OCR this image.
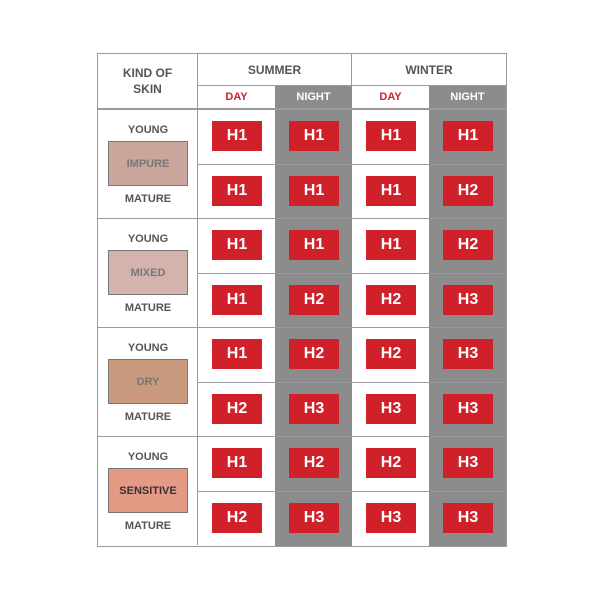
KIND OF SKIN
SUMMER	WINTER
DAY	NIGHT	DAY	NIGHT
YOUNG
IMPURE
MATURE
H1	H1	H1	H1
H1	H1	H1	H2
YOUNG
MIXED
MATURE
H1	H1	H1	H2
H1	H2	H2	H3
YOUNG
DRY
MATURE
H1	H2	H2	H3
H2	H3	H3	H3
YOUNG
SENSITIVE
MATURE
H1	H2	H2	H3
H2	H3	H3	H3
